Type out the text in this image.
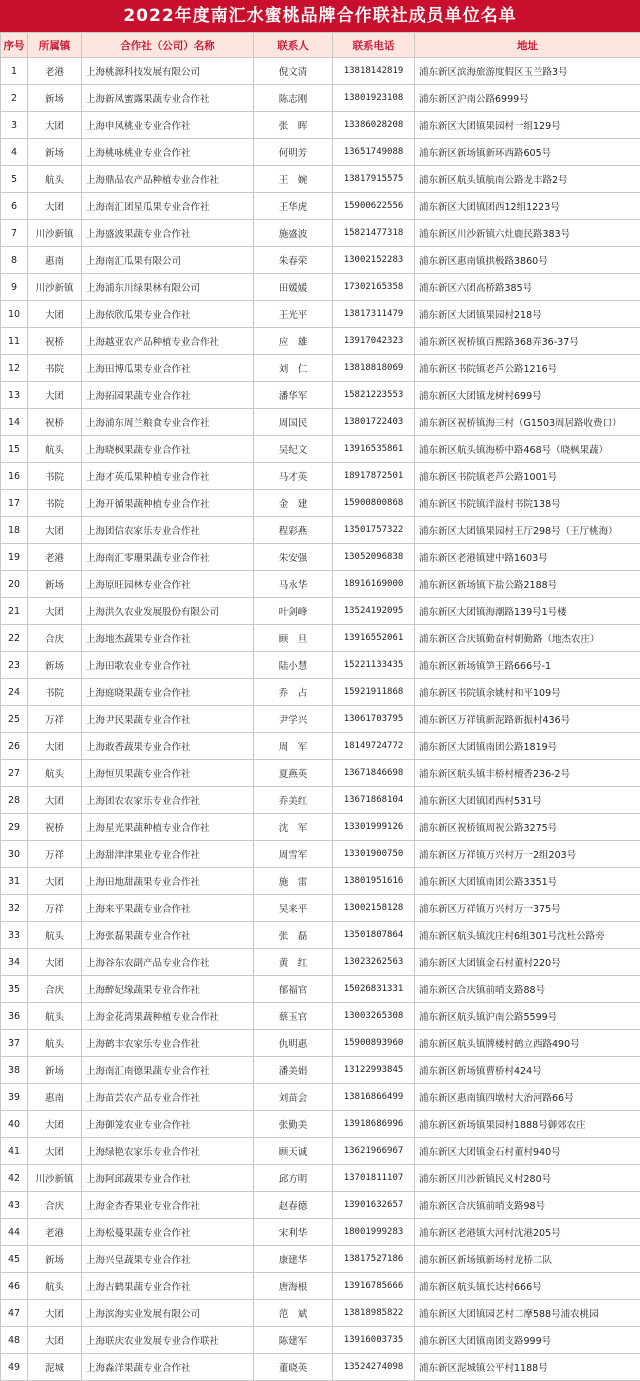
2022年度南汇水蜜桃品牌合作联社成员单位名单
序号	所属镇	合作社（公司）名称	联系人	联系电话	地址
1	老港	上海桃源科技发展有限公司	倪文清	13818142819	浦东新区滨海旅游度假区玉兰路3号
2	新场	上海新凤蜜露果蔬专业合作社	陈志刚	13801923108	浦东新区沪南公路6999号
3	大团	上海申凤桃业专业合作社	张　晖	13386028208	浦东新区大团镇果园村一组129号
4	新场	上海桃咏桃业专业合作社	何明芳	13651749088	浦东新区新场镇新环西路605号
5	航头	上海鼎品农产品种植专业合作社	王　婉	13817915575	浦东新区航头镇航南公路龙丰路2号
6	大团	上海南汇团星瓜果专业合作社	王华虎	15900622556	浦东新区大团镇团西12组1223号
7	川沙新镇	上海盛波果蔬专业合作社	施盛波	15821477318	浦东新区川沙新镇六灶鹿民路383号
8	惠南	上海南汇瓜果有限公司	朱春荣	13002152283	浦东新区惠南镇拱极路3860号
9	川沙新镇	上海浦东川绿果林有限公司	田媛媛	17302165358	浦东新区六团高桥路385号
10	大团	上海依欣瓜果专业合作社	王光平	13817311479	浦东新区大团镇果园村218号
11	祝桥	上海越亚农产品种植专业合作社	应　雄	13917042323	浦东新区祝桥镇百熙路368弄36-37号
12	书院	上海田博瓜果专业合作社	刘　仁	13818818069	浦东新区书院镇老芦公路1216号
13	大团	上海拓园果蔬专业合作社	潘华军	15821223553	浦东新区大团镇龙树村699号
14	祝桥	上海浦东周兰粮食专业合作社	周国民	13801722403	浦东新区祝桥镇海三村（G1503周居路收费口）
15	航头	上海晓枫果蔬专业合作社	吴纪文	13916535861	浦东新区航头镇海桥中路468号（晓枫果蔬）
16	书院	上海才英瓜果种植专业合作社	马才英	18917872501	浦东新区书院镇老芦公路1001号
17	书院	上海开循果蔬种植专业合作社	金　建	15900800868	浦东新区书院镇洋溢村书院138号
18	大团	上海团信农家乐专业合作社	程彩燕	13501757322	浦东新区大团镇果园村王厅298号（王厅桃海）
19	老港	上海南汇零珊果蔬专业合作社	朱安强	13052096838	浦东新区老港镇建中路1603号
20	新场	上海原旺园林专业合作社	马永华	18916169000	浦东新区新场镇下盐公路2188号
21	大团	上海洪久农业发展股份有限公司	叶剑峰	13524192095	浦东新区大团镇海潮路139号1号楼
22	合庆	上海地杰蔬果专业合作社	顾　旦	13916552061	浦东新区合庆镇勤奋村朝勤路（地杰农庄）
23	新场	上海田歌农业专业合作社	陆小慧	15221133435	浦东新区新场镇笋王路666号-1
24	书院	上海庭晓果蔬专业合作社	乔　占	15921911868	浦东新区书院镇余姚村和平109号
25	万祥	上海尹民果蔬专业合作社	尹学兴	13061703795	浦东新区万祥镇新泥路新振村436号
26	大团	上海敢香蔬果专业合作社	周　军	18149724772	浦东新区大团镇南团公路1819号
27	航头	上海恒贝果蔬专业合作社	夏燕英	13671846698	浦东新区航头镇丰桥村檀香236-2号
28	大团	上海团农农家乐专业合作社	乔美红	13671868104	浦东新区大团镇团西村531号
29	祝桥	上海星光果蔬种植专业合作社	沈　军	13301999126	浦东新区祝桥镇周祝公路3275号
30	万祥	上海甜津津果业专业合作社	周雪军	13301900750	浦东新区万祥镇万兴村万一2组203号
31	大团	上海田地甜蔬果专业合作社	施　雷	13801951616	浦东新区大团镇南团公路3351号
32	万祥	上海来平果蔬专业合作社	吴来平	13002158128	浦东新区万祥镇万兴村万一375号
33	航头	上海张磊果蔬专业合作社	张　磊	13501807864	浦东新区航头镇沈庄村6组301号沈杜公路旁
34	大团	上海谷东农副产品专业合作社	黄　红	13023262563	浦东新区大团镇金石村董村220号
35	合庆	上海醉妃缘蔬果专业合作社	郁福官	15026831331	浦东新区合庆镇前哨支路88号
36	航头	上海金花湾果蔬种植专业合作社	蔡玉官	13003265308	浦东新区航头镇沪南公路5599号
37	航头	上海鹤丰农家乐专业合作社	仇明惠	15900893960	浦东新区航头镇牌楼村鹤立西路490号
38	新场	上海南汇南德果蔬专业合作社	潘美娟	13122993845	浦东新区新场镇曹桥村424号
39	惠南	上海苗芸农产品专业合作社	刘苗会	13816866499	浦东新区惠南镇四墩村大治河路66号
40	大团	上海御笼农业专业合作社	张勤美	13918686996	浦东新区新场镇果园村1888号御郊农庄
41	大团	上海绿艳农家乐专业合作社	顾天诚	13621966967	浦东新区大团镇金石村董村940号
42	川沙新镇	上海阿邱蔬果专业合作社	邱方明	13701811107	浦东新区川沙新镇民义村280号
43	合庆	上海金杏香果业专业合作社	赵春德	13901632657	浦东新区合庆镇前哨支路98号
44	老港	上海松蔓果蔬专业合作社	宋利华	18001999283	浦东新区老港镇大河村沈港205号
45	新场	上海兴皇蔬果专业合作社	康建华	13817527186	浦东新区新场镇新场村龙桥二队
46	航头	上海古鹤果蔬专业合作社	唐海根	13916785666	浦东新区航头镇长达村666号
47	大团	上海滨海实业发展有限公司	范　斌	13818985822	浦东新区大团镇园艺村二摩588号浦农桃园
48	大团	上海联庆农业发展专业合作联社	陈建军	13916003735	浦东新区大团镇南团支路999号
49	泥城	上海淼洋果蔬专业合作社	董晓英	13524274098	浦东新区泥城镇公平村1188号
